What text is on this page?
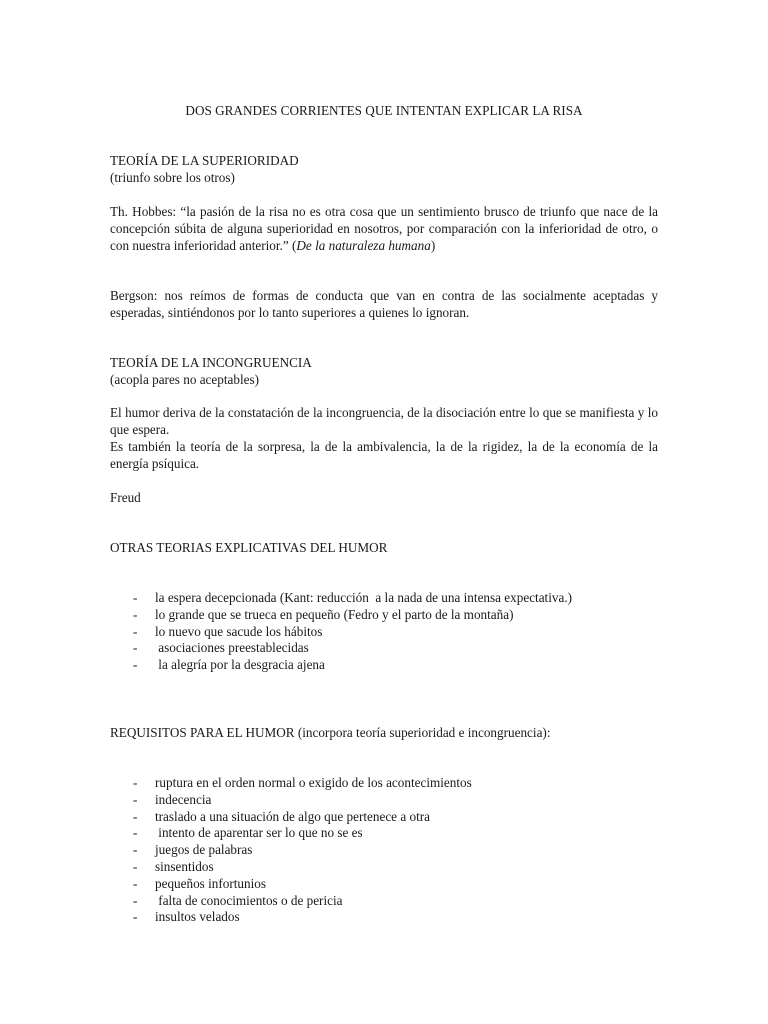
DOS GRANDES CORRIENTES QUE INTENTAN EXPLICAR LA RISA

TEORÍA DE LA SUPERIORIDAD

(triunfo sobre los otros)

Th. Hobbes: “la pasión de la risa no es otra cosa que un sentimiento brusco de triunfo que nace de la concepción súbita de alguna superioridad en nosotros, por comparación con la inferioridad de otro, o con nuestra inferioridad anterior.” (De la naturaleza humana)

Bergson: nos reímos de formas de conducta que van en contra de las socialmente aceptadas y esperadas, sintiéndonos por lo tanto superiores a quienes lo ignoran.

TEORÍA DE LA INCONGRUENCIA

(acopla pares no aceptables)

El humor deriva de la constatación de la incongruencia, de la disociación entre lo que se manifiesta y lo que espera.

Es también la teoría de la sorpresa, la de la ambivalencia, la de la rigidez, la de la economía de la energía psíquica.

Freud

OTRAS TEORIAS EXPLICATIVAS DEL HUMOR

- la espera decepcionada (Kant: reducción  a la nada de una intensa expectativa.)
- lo grande que se trueca en pequeño (Fedro y el parto de la montaña)
- lo nuevo que sacude los hábitos
- asociaciones preestablecidas
- la alegría por la desgracia ajena

REQUISITOS PARA EL HUMOR (incorpora teoría superioridad e incongruencia):

- ruptura en el orden normal o exigido de los acontecimientos
- indecencia
- traslado a una situación de algo que pertenece a otra
- intento de aparentar ser lo que no se es
- juegos de palabras
- sinsentidos
- pequeños infortunios
- falta de conocimientos o de pericia
- insultos velados
